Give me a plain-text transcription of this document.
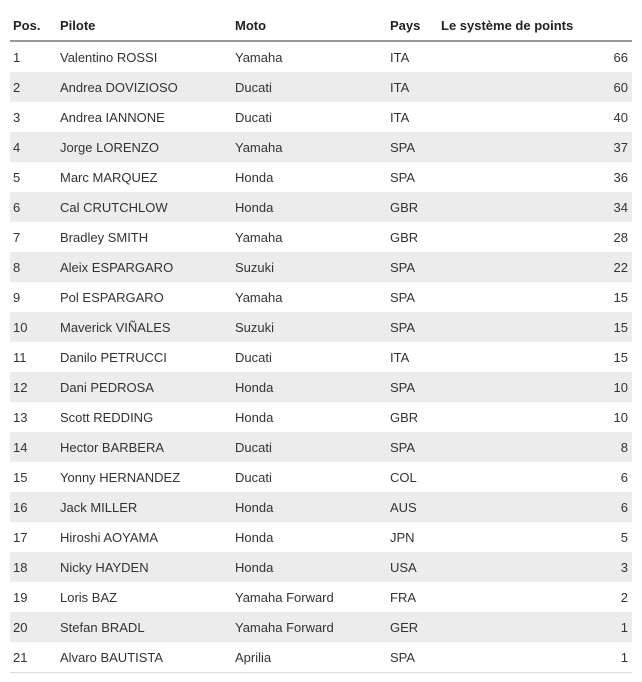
Pos.	Pilote	Moto	Pays	Le système de points
1	Valentino ROSSI	Yamaha	ITA	66
2	Andrea DOVIZIOSO	Ducati	ITA	60
3	Andrea IANNONE	Ducati	ITA	40
4	Jorge LORENZO	Yamaha	SPA	37
5	Marc MARQUEZ	Honda	SPA	36
6	Cal CRUTCHLOW	Honda	GBR	34
7	Bradley SMITH	Yamaha	GBR	28
8	Aleix ESPARGARO	Suzuki	SPA	22
9	Pol ESPARGARO	Yamaha	SPA	15
10	Maverick VIÑALES	Suzuki	SPA	15
11	Danilo PETRUCCI	Ducati	ITA	15
12	Dani PEDROSA	Honda	SPA	10
13	Scott REDDING	Honda	GBR	10
14	Hector BARBERA	Ducati	SPA	8
15	Yonny HERNANDEZ	Ducati	COL	6
16	Jack MILLER	Honda	AUS	6
17	Hiroshi AOYAMA	Honda	JPN	5
18	Nicky HAYDEN	Honda	USA	3
19	Loris BAZ	Yamaha Forward	FRA	2
20	Stefan BRADL	Yamaha Forward	GER	1
21	Alvaro BAUTISTA	Aprilia	SPA	1
